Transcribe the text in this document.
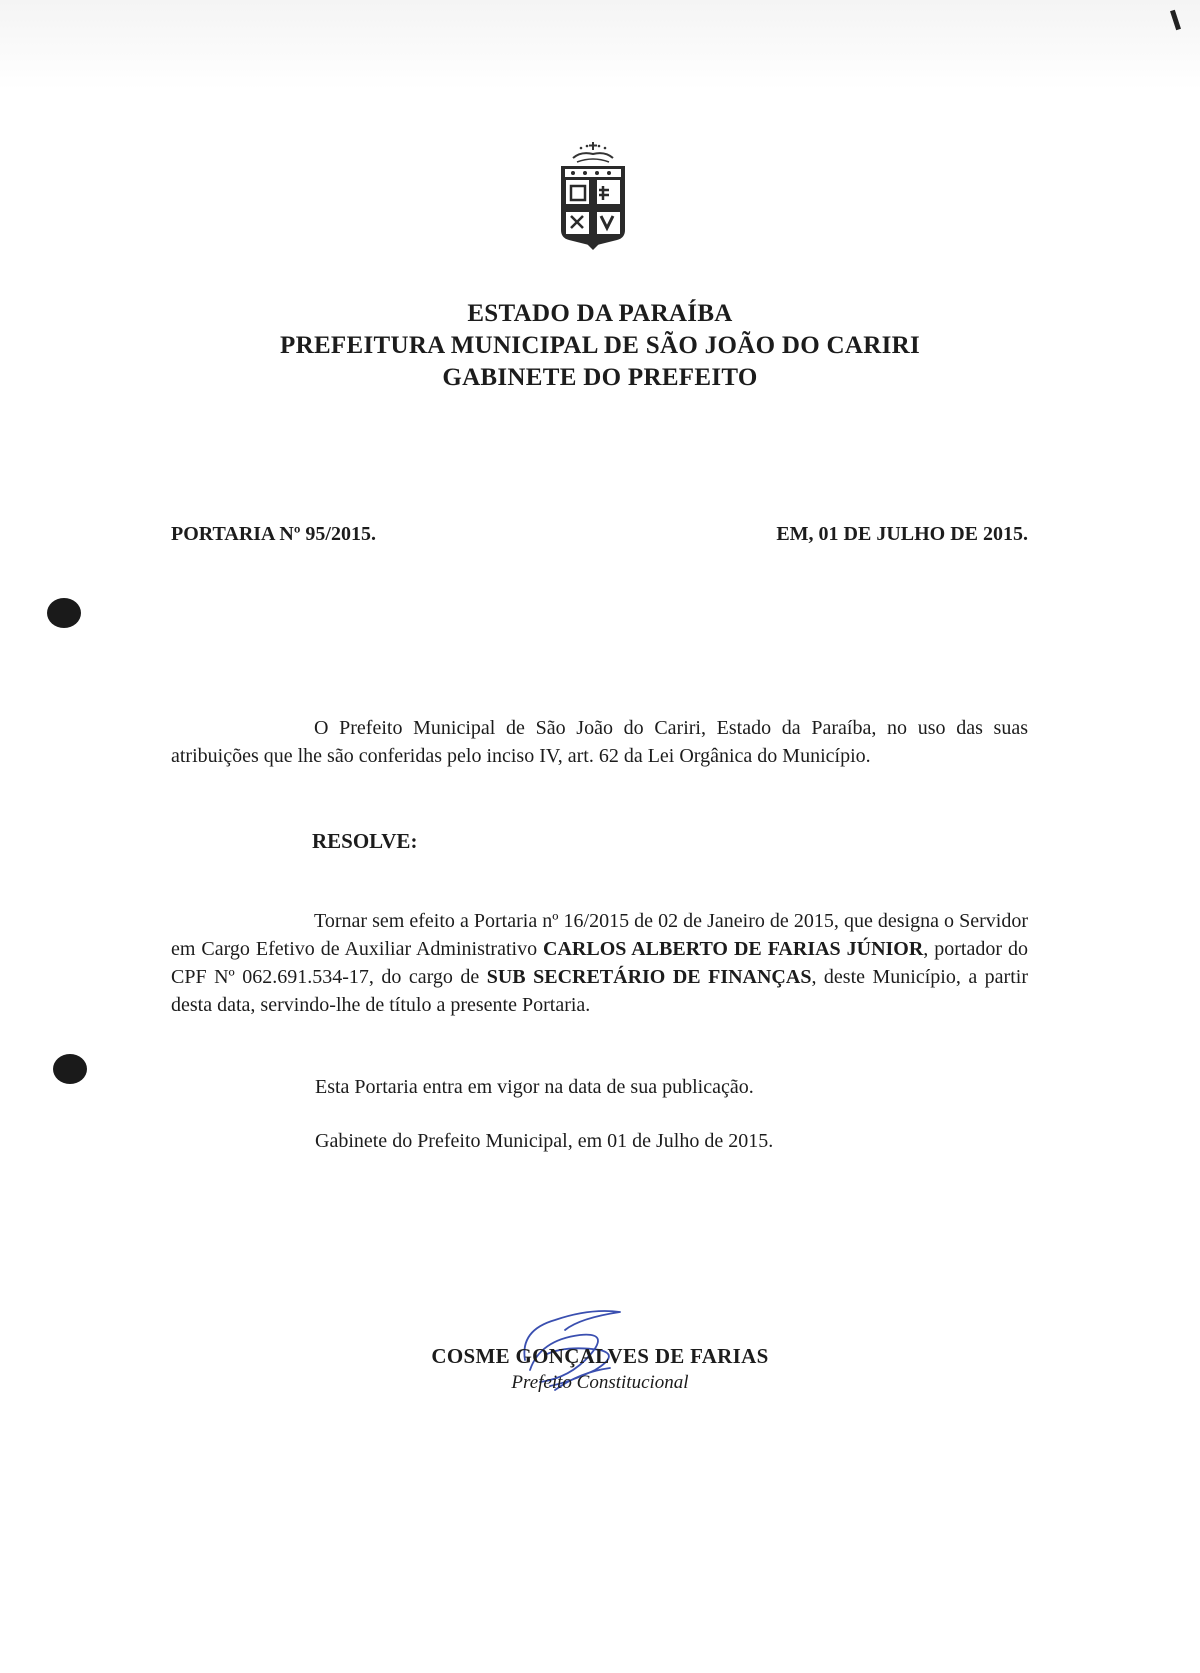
ESTADO DA PARAÍBA
PREFEITURA MUNICIPAL DE SÃO JOÃO DO CARIRI
GABINETE DO PREFEITO
PORTARIA Nº 95/2015.	EM, 01 DE JULHO DE 2015.
O Prefeito Municipal de São João do Cariri, Estado da Paraíba, no uso das suas atribuições que lhe são conferidas pelo inciso IV, art. 62 da Lei Orgânica do Município.
RESOLVE:
Tornar sem efeito a Portaria nº 16/2015 de 02 de Janeiro de 2015, que designa o Servidor em Cargo Efetivo de Auxiliar Administrativo CARLOS ALBERTO DE FARIAS JÚNIOR, portador do CPF Nº 062.691.534-17, do cargo de SUB SECRETÁRIO DE FINANÇAS, deste Município, a partir desta data, servindo-lhe de título a presente Portaria.
Esta Portaria entra em vigor na data de sua publicação.
Gabinete do Prefeito Municipal, em 01 de Julho de 2015.
COSME GONÇALVES DE FARIAS
Prefeito Constitucional
